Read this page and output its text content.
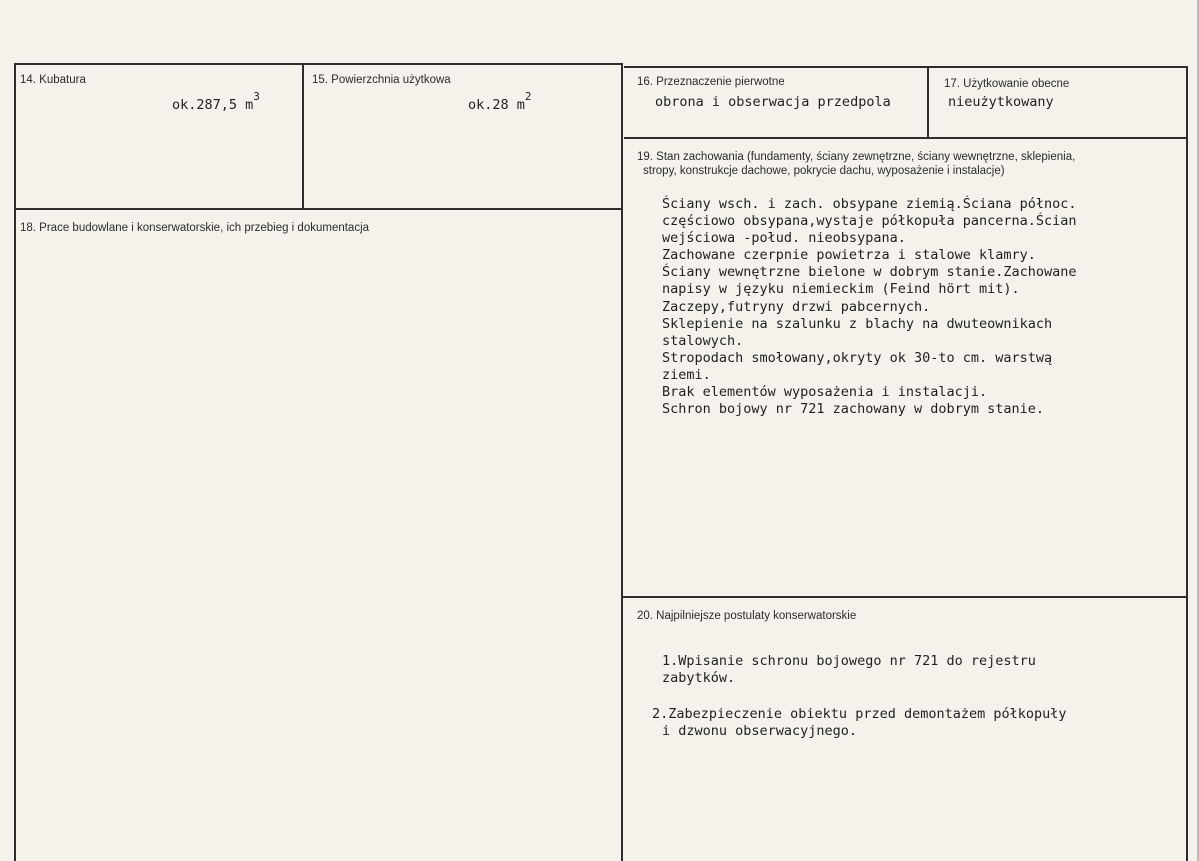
14. Kubatura
ok.287,5 $m^3$
15. Powierzchnia użytkowa
ok.28 $m^2$
16. Przeznaczenie pierwotne
obrona i obserwacja przedpola
17. Użytkowanie obecne
nieużytkowany
18. Prace budowlane i konserwatorskie, ich przebieg i dokumentacja
19. Stan zachowania (fundamenty, ściany zewnętrzne, ściany wewnętrzne, sklepienia,
stropy, konstrukcje dachowe, pokrycie dachu, wyposażenie i instalacje)
Ściany wsch. i zach. obsypane ziemią.Ściana północ.
częściowo obsypana,wystaje półkopuła pancerna.Ścian
wejściowa -połud. nieobsypana.
Zachowane czerpnie powietrza i stalowe klamry.
Ściany wewnętrzne bielone w dobrym stanie.Zachowane
napisy w języku niemieckim (Feind hört mit).
Zaczepy,futryny drzwi pabcernych.
Sklepienie na szalunku z blachy na dwuteownikach
stalowych.
Stropodach smołowany,okryty ok 30-to cm. warstwą
ziemi.
Brak elementów wyposażenia i instalacji.
Schron bojowy nr 721 zachowany w dobrym stanie.
20. Najpilniejsze postulaty konserwatorskie
1.Wpisanie schronu bojowego nr 721 do rejestru
zabytków.
2.Zabezpieczenie obiektu przed demontażem półkopuły
i dzwonu obserwacyjnego.
